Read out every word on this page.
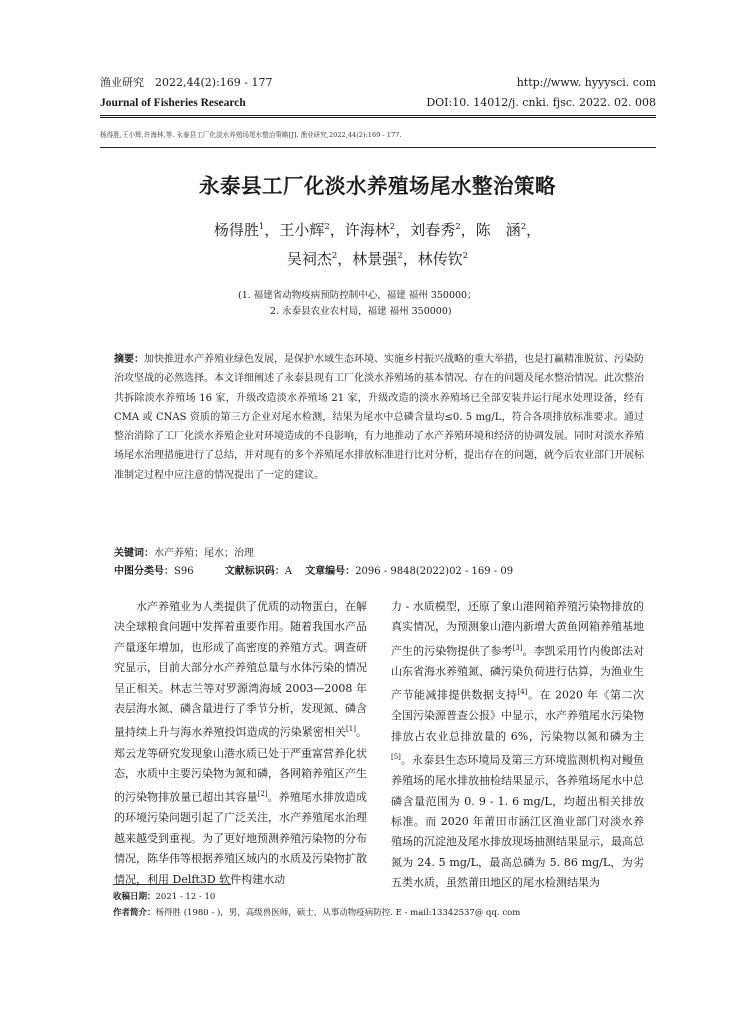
渔业研究　2022,44(2):169 - 177	http://www. hyyysci. com
Journal of Fisheries Research	DOI:10. 14012/j. cnki. fjsc. 2022. 02. 008
杨得胜,王小辉,许海林,等. 永泰县工厂化淡水养殖场尾水整治策略[J]. 渔业研究,2022,44(2):169 - 177.
永泰县工厂化淡水养殖场尾水整治策略
杨得胜$^1$，王小辉$^2$，许海林$^2$，刘春秀$^2$，陈　涵$^2$，
吴祠杰$^2$，林景强$^2$，林传钦$^2$
(1. 福建省动物疫病预防控制中心，福建 福州 350000；
2. 永泰县农业农村局，福建 福州 350000)
摘要：加快推进水产养殖业绿色发展，是保护水域生态环境、实施乡村振兴战略的重大举措，也是打赢精准脱贫、污染防治攻坚战的必然选择。本文详细阐述了永泰县现有工厂化淡水养殖场的基本情况、存在的问题及尾水整治情况。此次整治共拆除淡水养殖场 16 家，升级改造淡水养殖场 21 家，升级改造的淡水养殖场已全部安装并运行尾水处理设备，经有 CMA 或 CNAS 资质的第三方企业对尾水检测，结果为尾水中总磷含量均≤0. 5 mg/L，符合各项排放标准要求。通过整治消除了工厂化淡水养殖企业对环境造成的不良影响，有力地推动了水产养殖环境和经济的协调发展。同时对淡水养殖场尾水治理措施进行了总结，并对现有的多个养殖尾水排放标准进行比对分析，提出存在的问题，就今后农业部门开展标准制定过程中应注意的情况提出了一定的建议。
关键词：水产养殖；尾水；治理
中图分类号：S96	文献标识码：A 文章编号：2096 - 9848(2022)02 - 169 - 09
水产养殖业为人类提供了优质的动物蛋白，在解决全球粮食问题中发挥着重要作用。随着我国水产品产量逐年增加，也形成了高密度的养殖方式。调查研究显示，目前大部分水产养殖总量与水体污染的情况呈正相关。林志兰等对罗源湾海域 2003—2008 年表层海水氮、磷含量进行了季节分析，发现氮、磷含量持续上升与海水养殖投饵造成的污染紧密相关[1]。郑云龙等研究发现象山港水质已处于严重富营养化状态，水质中主要污染物为氮和磷，各网箱养殖区产生的污染物排放量已超出其容量[2]。养殖尾水排放造成的环境污染问题引起了广泛关注，水产养殖尾水治理越来越受到重视。为了更好地预测养殖污染物的分布情况，陈华伟等根据养殖区域内的水质及污染物扩散情况，利用 Delft3D 软件构建水动
力 - 水质模型，还原了象山港网箱养殖污染物排放的真实情况，为预测象山港内新增大黄鱼网箱养殖基地产生的污染物提供了参考[3]。李凯采用竹内俊郎法对山东省海水养殖氮、磷污染负荷进行估算，为渔业生产节能减排提供数据支持[4]。在 2020 年《第二次全国污染源普查公报》中显示，水产养殖尾水污染物排放占农业总排放量的 6%，污染物以氮和磷为主[5]。永泰县生态环境局及第三方环境监测机构对鳗鱼养殖场的尾水排放抽检结果显示，各养殖场尾水中总磷含量范围为 0. 9 - 1. 6 mg/L，均超出相关排放标准。而 2020 年莆田市涵江区渔业部门对淡水养殖场的沉淀池及尾水排放现场抽测结果显示，最高总氮为 24. 5 mg/L，最高总磷为 5. 86 mg/L，为劣五类水质，虽然莆田地区的尾水检测结果为
收稿日期：2021 - 12 - 10
作者简介：杨得胜 (1980 - )，男，高级兽医师，硕士，从事动物疫病防控. E - mail:13342537@ qq. com
